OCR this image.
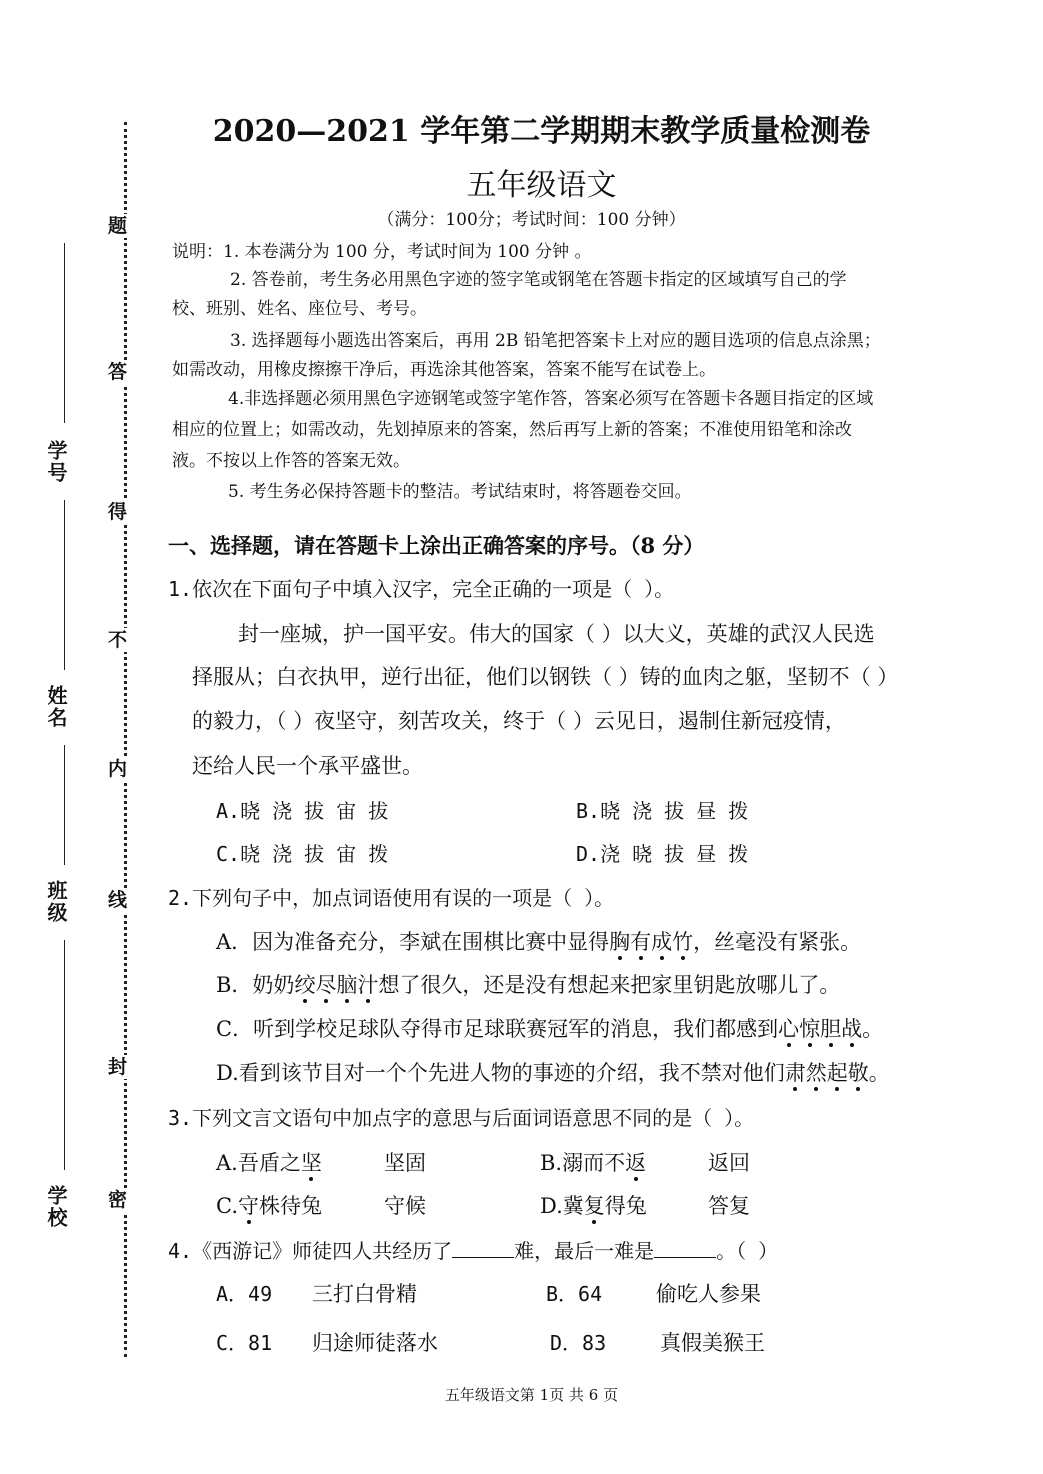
学号
姓名
班级
学校
题
答
得
不
内
线
封
密
2020—2021 学年第二学期期末教学质量检测卷
五年级语文
（满分：100分；考试时间：100 分钟）
说明：1. 本卷满分为 100 分，考试时间为 100 分钟 。
2. 答卷前，考生务必用黑色字迹的签字笔或钢笔在答题卡指定的区域填写自己的学
校、班别、姓名、座位号、考号。
3. 选择题每小题选出答案后，再用 2B 铅笔把答案卡上对应的题目选项的信息点涂黑；
如需改动，用橡皮擦擦干净后，再选涂其他答案，答案不能写在试卷上。
4.非选择题必须用黑色字迹钢笔或签字笔作答，答案必须写在答题卡各题目指定的区域
相应的位置上；如需改动，先划掉原来的答案，然后再写上新的答案；不准使用铅笔和涂改
液。不按以上作答的答案无效。
5. 考生务必保持答题卡的整洁。考试结束时，将答题卷交回。
一、选择题，请在答题卡上涂出正确答案的序号。（8 分）
1.依次在下面句子中填入汉字，完全正确的一项是（ ）。
封一座城，护一国平安。伟大的国家（ ）以大义，英雄的武汉人民选
择服从；白衣执甲，逆行出征，他们以钢铁（ ）铸的血肉之躯，坚韧不（ ）
的毅力，（ ）夜坚守，刻苦攻关，终于（ ）云见日，遏制住新冠疫情，
还给人民一个承平盛世。
A.晓 浇 拔 宙 拔	B.晓 浇 拔 昼 拨
C.晓 浇 拔 宙 拨	D.浇 晓 拔 昼 拨
2.下列句子中，加点词语使用有误的一项是（ ）。
A．因为准备充分，李斌在围棋比赛中显得胸有成竹，丝毫没有紧张。
B．奶奶绞尽脑汁想了很久，还是没有想起来把家里钥匙放哪儿了。
C．听到学校足球队夺得市足球联赛冠军的消息，我们都感到心惊胆战。
D.看到该节目对一个个先进人物的事迹的介绍，我不禁对他们肃然起敬。
3.下列文言文语句中加点字的意思与后面词语意思不同的是（ ）。
A.吾盾之坚	坚固	B.溺而不返	返回
C.守株待兔	守候	D.冀复得兔	答复
4.《西游记》师徒四人共经历了	难，最后一难是	。（ ）
A．49 三打白骨精	B．64	偷吃人参果
C．81 归途师徒落水	D．83	真假美猴王
五年级语文第 1页 共 6 页
